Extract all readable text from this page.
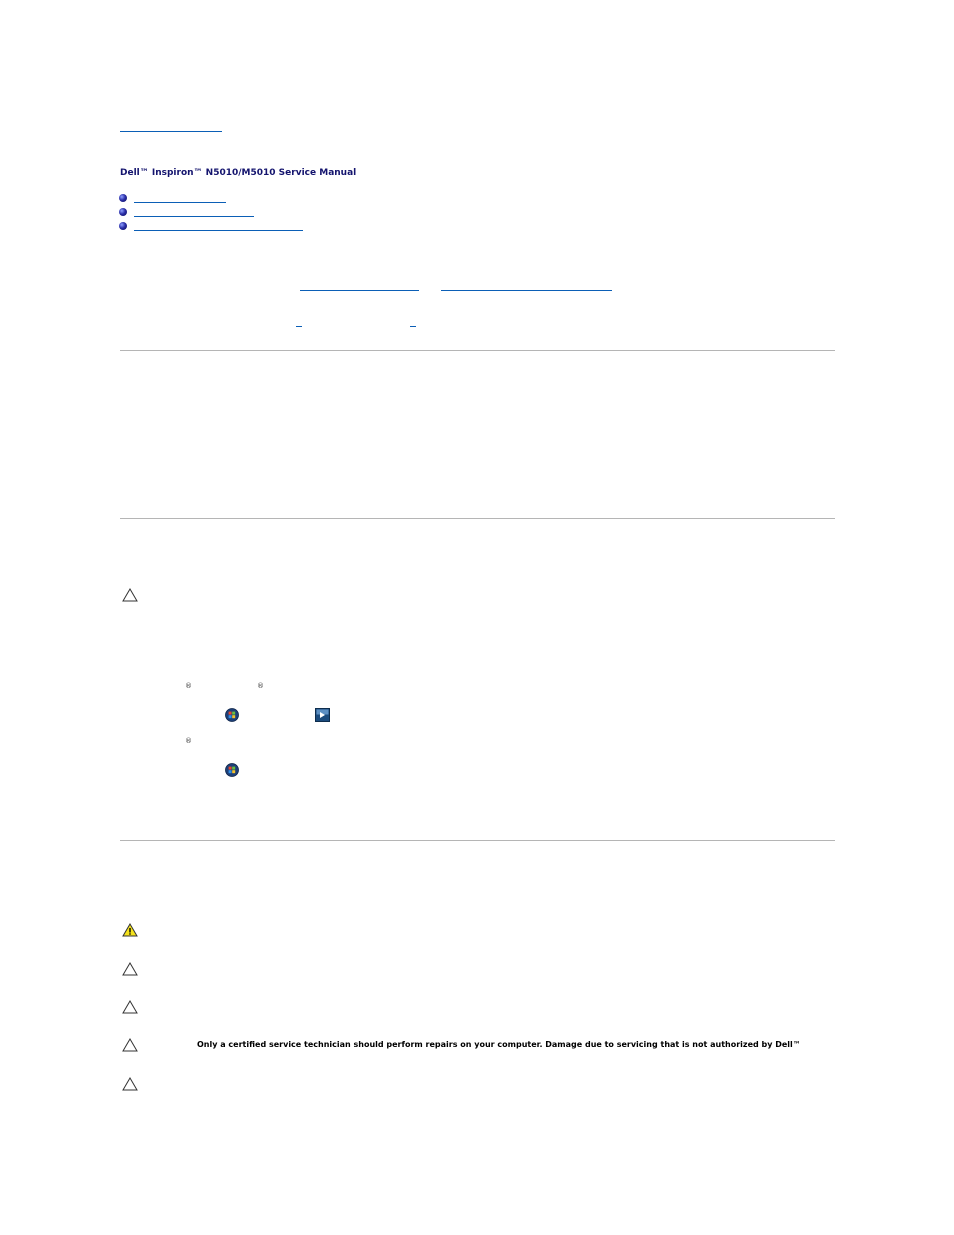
Dell™ Inspiron™ N5010/M5010 Service Manual
®	®
®
Only a certified service technician should perform repairs on your computer. Damage due to servicing that is not authorized by Dell™
